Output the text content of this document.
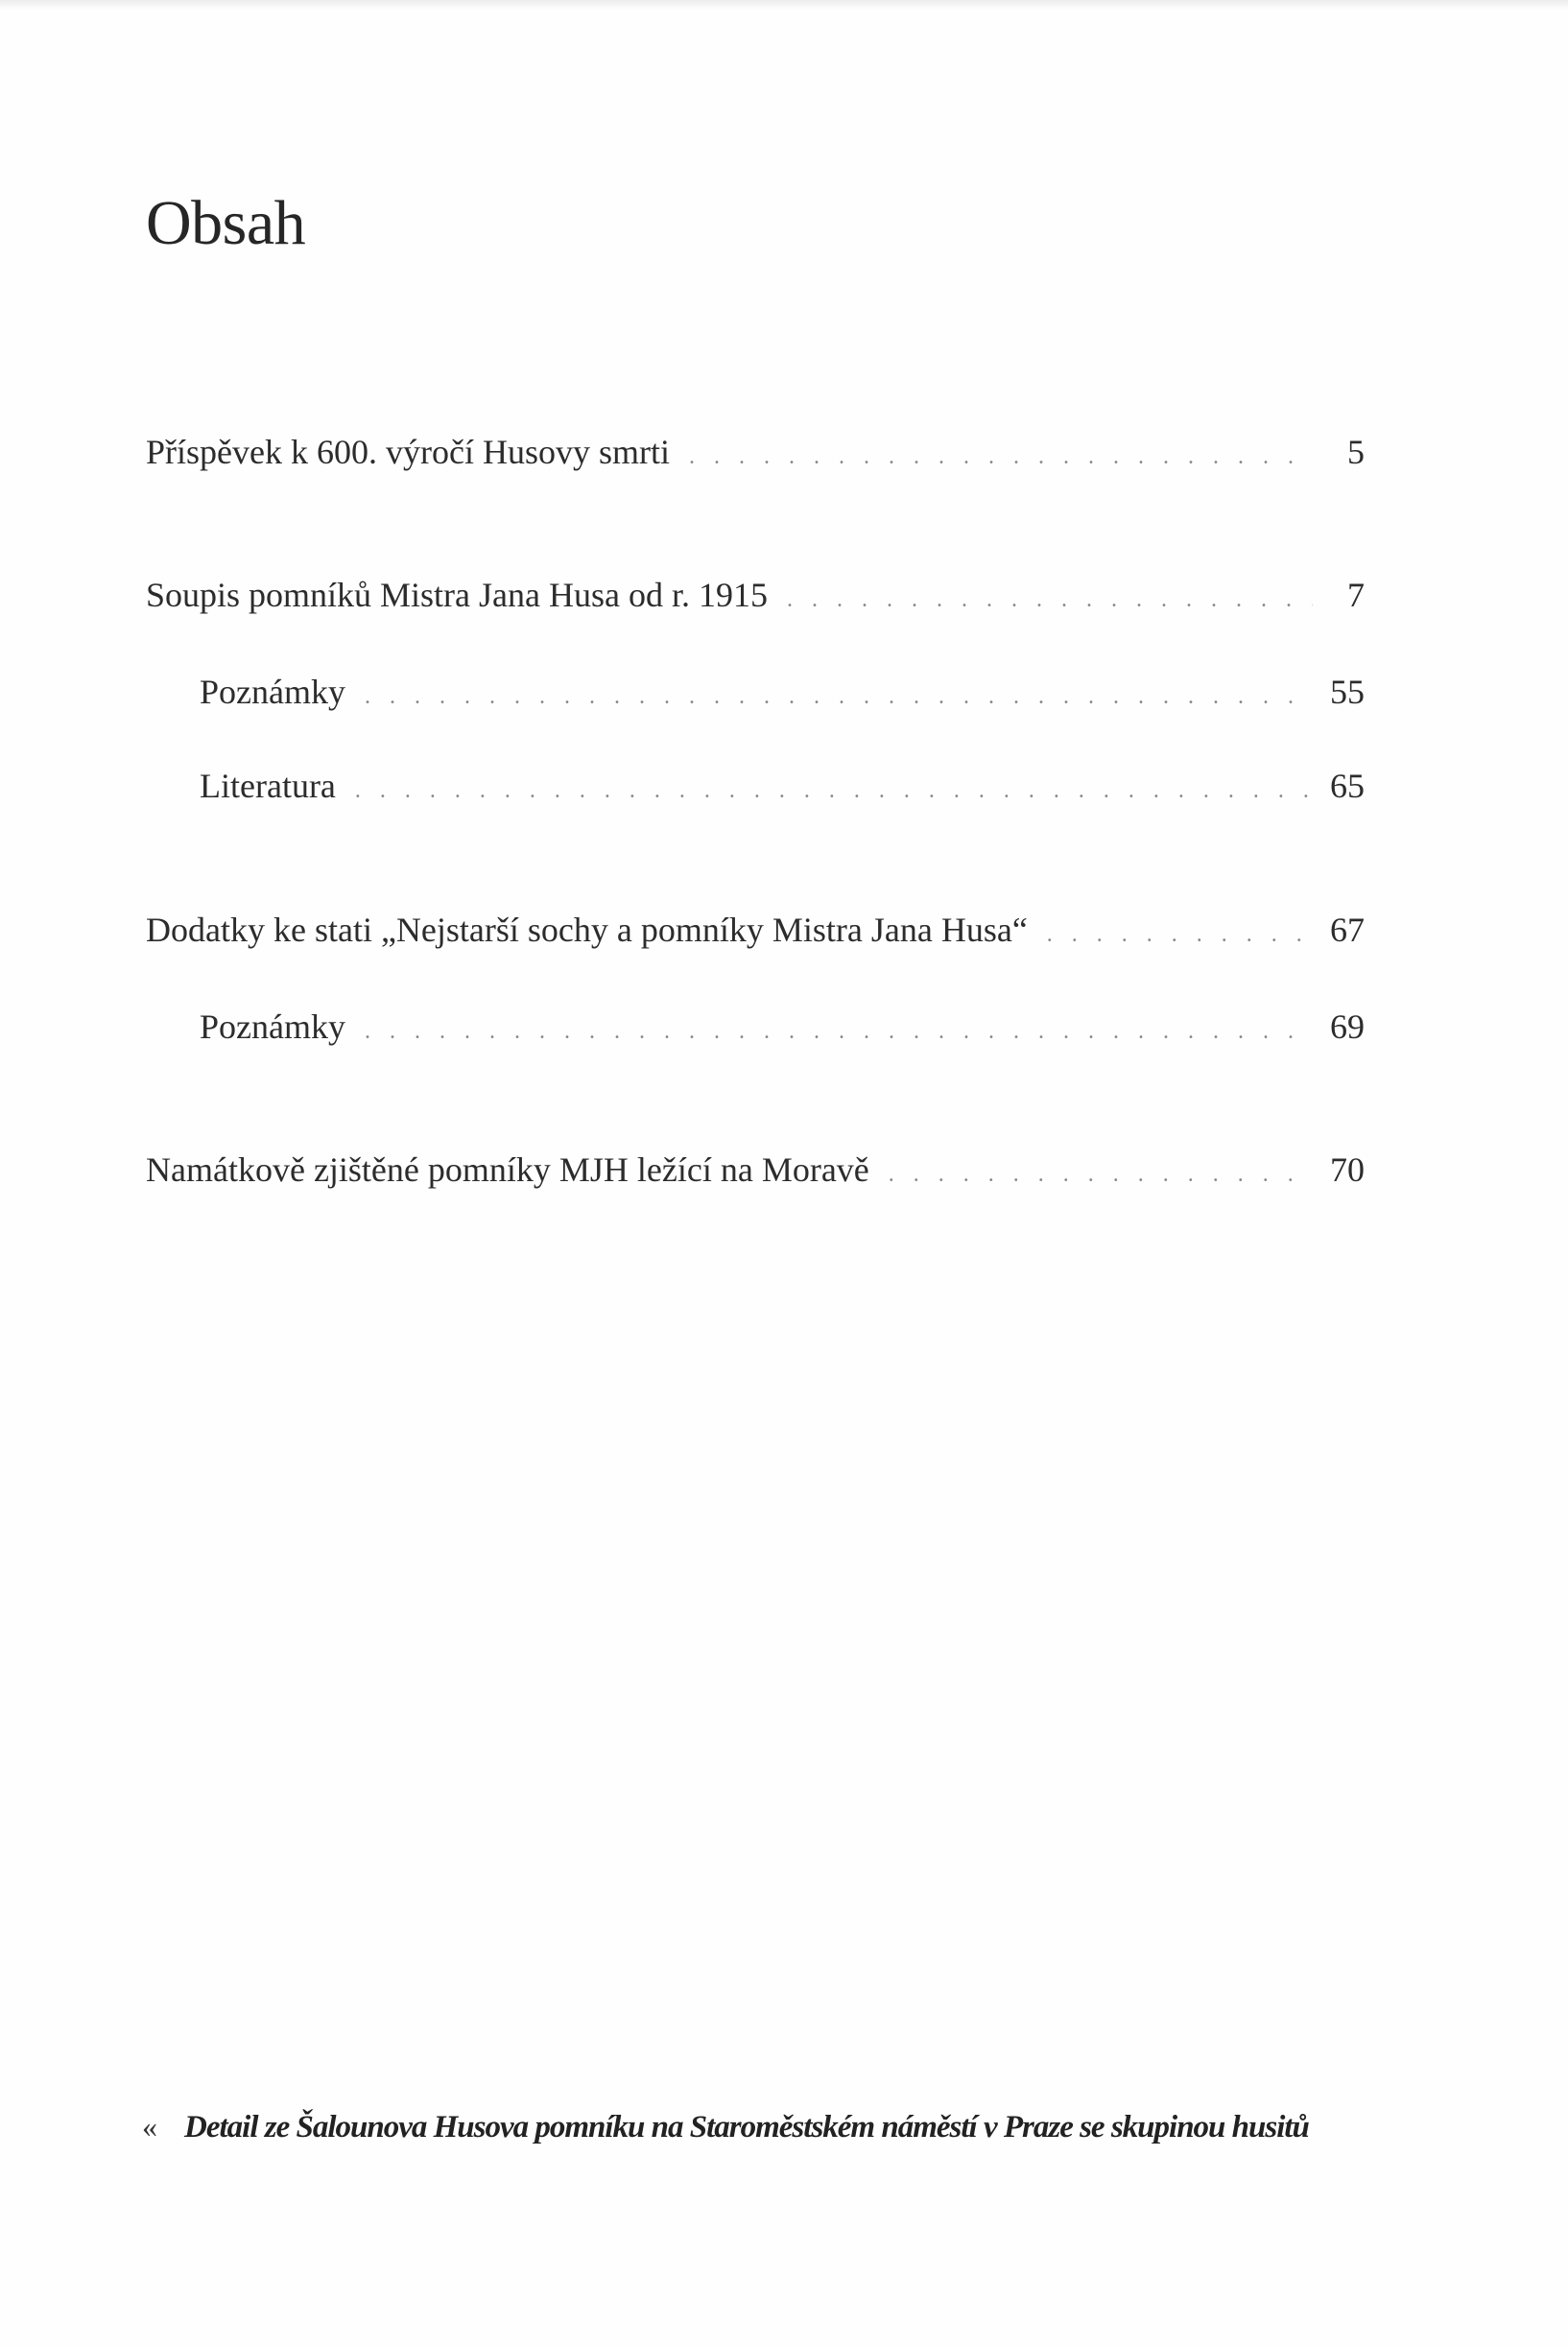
Obsah
Příspěvek k 600. výročí Husovy smrti . . .	5
Soupis pomníků Mistra Jana Husa od r. 1915 . . .	7
Poznámky . . .	55
Literatura . . .	65
Dodatky ke stati „Nejstarší sochy a pomníky Mistra Jana Husa“ . . .	67
Poznámky . . .	69
Namátkově zjištěné pomníky MJH ležící na Moravě . . .	70
« Detail ze Šalounova Husova pomníku na Staroměstském náměstí v Praze se skupinou husitů
